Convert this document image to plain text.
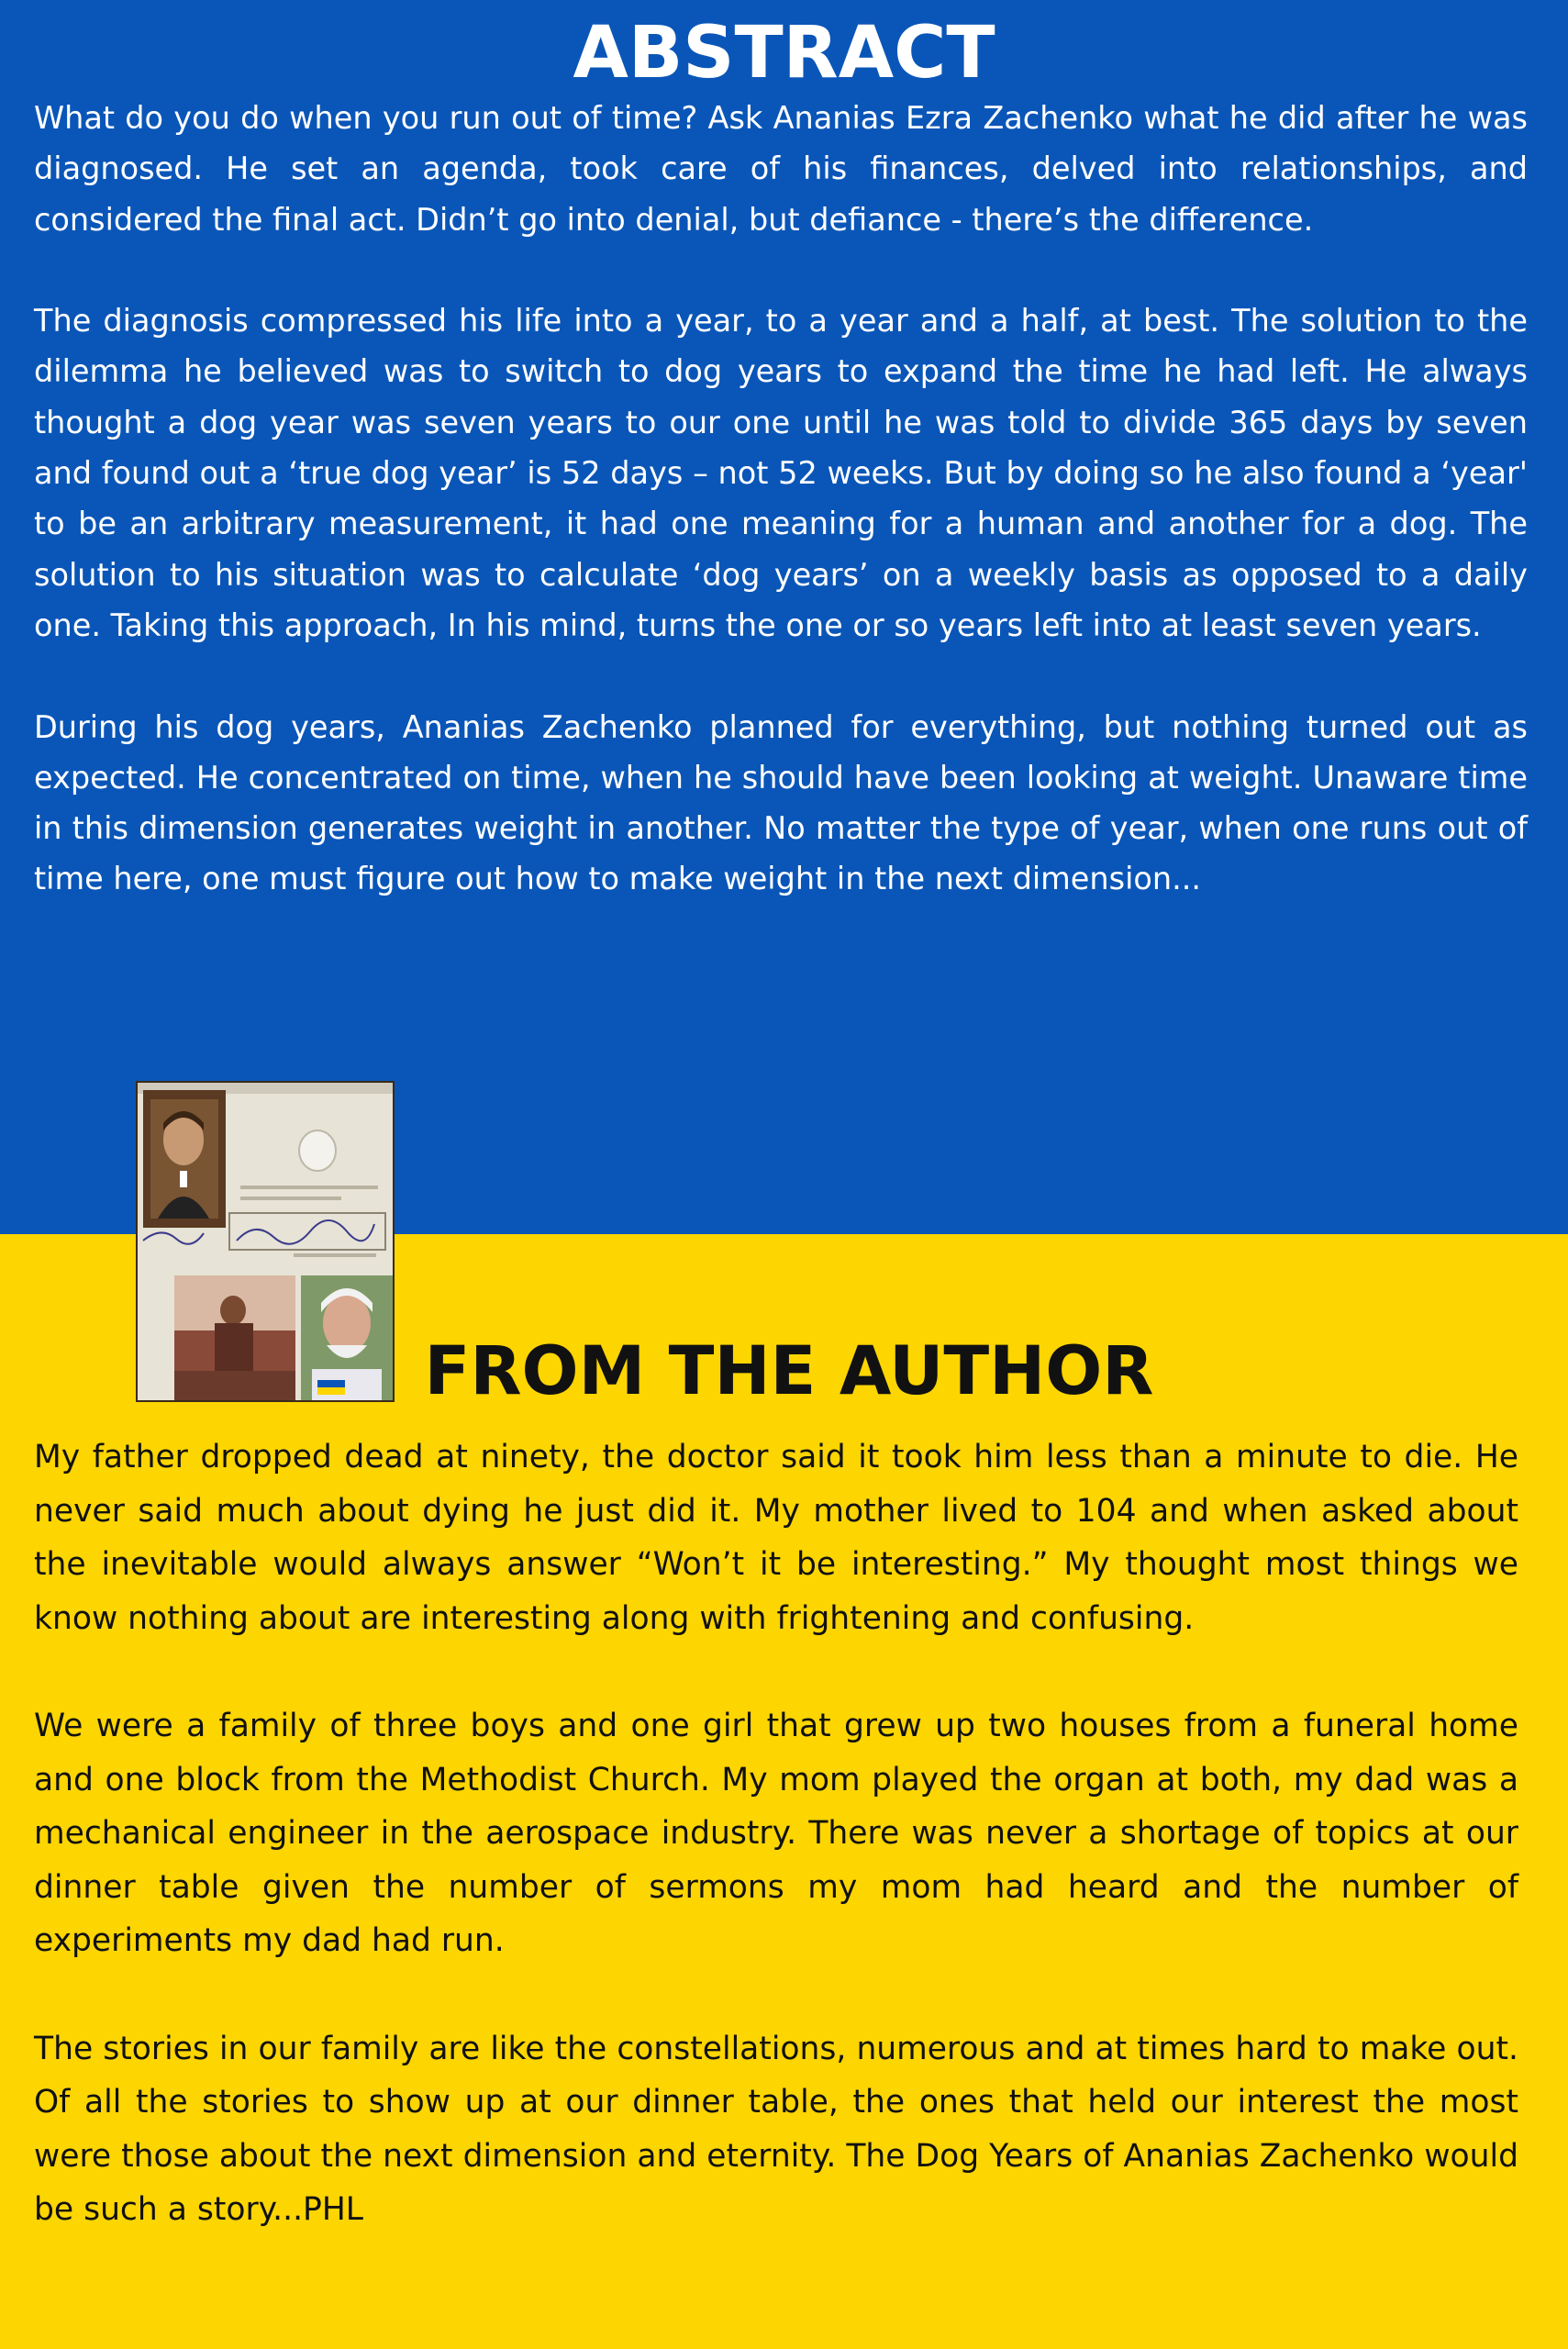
ABSTRACT

What do you do when you run out of time? Ask Ananias Ezra Zachenko what he did after he was diagnosed. He set an agenda, took care of his finances, delved into relationships, and considered the final act. Didn’t go into denial, but defiance - there’s the difference.

The diagnosis compressed his life into a year, to a year and a half, at best. The solution to the dilemma he believed was to switch to dog years to expand the time he had left. He always thought a dog year was seven years to our one until he was told to divide 365 days by seven and found out a ‘true dog year’ is 52 days – not 52 weeks. But by doing so he also found a ‘year' to be an arbitrary measurement, it had one meaning for a human and another for a dog. The solution to his situation was to calculate ‘dog years’ on a weekly basis as opposed to a daily one. Taking this approach, In his mind, turns the one or so years left into at least seven years.

During his dog years, Ananias Zachenko planned for everything, but nothing turned out as expected. He concentrated on time, when he should have been looking at weight. Unaware time in this dimension generates weight in another. No matter the type of year, when one runs out of time here, one must figure out how to make weight in the next dimension...

FROM THE AUTHOR

My father dropped dead at ninety, the doctor said it took him less than a minute to die. He never said much about dying he just did it. My mother lived to 104 and when asked about the inevitable would always answer “Won’t it be interesting.” My thought most things we know nothing about are interesting along with frightening and confusing.

We were a family of three boys and one girl that grew up two houses from a funeral home and one block from the Methodist Church. My mom played the organ at both, my dad was a mechanical engineer in the aerospace industry. There was never a shortage of topics at our dinner table given the number of sermons my mom had heard and the number of experiments my dad had run.

The stories in our family are like the constellations, numerous and at times hard to make out. Of all the stories to show up at our dinner table, the ones that held our interest the most were those about the next dimension and eternity. The Dog Years of Ananias Zachenko would be such a story...PHL
